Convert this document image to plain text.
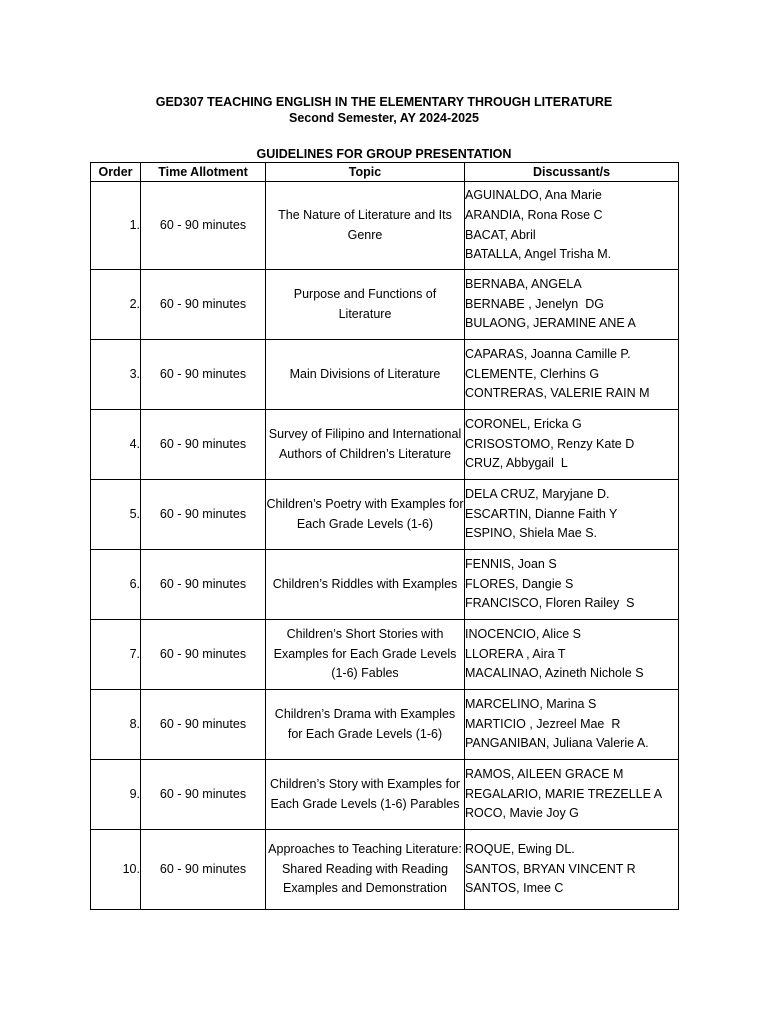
GED307 TEACHING ENGLISH IN THE ELEMENTARY THROUGH LITERATURE
Second Semester, AY 2024-2025
GUIDELINES FOR GROUP PRESENTATION
Order	Time Allotment	Topic	Discussant/s
1.	60 - 90 minutes	The Nature of Literature and Its Genre	AGUINALDO, Ana Marie
ARANDIA, Rona Rose C
BACAT, Abril
BATALLA, Angel Trisha M.

2.	60 - 90 minutes	Purpose and Functions of Literature	BERNABA, ANGELA
BERNABE , Jenelyn  DG
BULAONG, JERAMINE ANE A

3.	60 - 90 minutes	Main Divisions of Literature	CAPARAS, Joanna Camille P.
CLEMENTE, Clerhins G
CONTRERAS, VALERIE RAIN M

4.	60 - 90 minutes	Survey of Filipino and International Authors of Children’s Literature	CORONEL, Ericka G
CRISOSTOMO, Renzy Kate D
CRUZ, Abbygail  L

5.	60 - 90 minutes	Children’s Poetry with Examples for Each Grade Levels (1-6)	DELA CRUZ, Maryjane D.
ESCARTIN, Dianne Faith Y
ESPINO, Shiela Mae S.

6.	60 - 90 minutes	Children’s Riddles with Examples	FENNIS, Joan S
FLORES, Dangie S
FRANCISCO, Floren Railey  S

7.	60 - 90 minutes	Children’s Short Stories with Examples for Each Grade Levels (1-6) Fables	INOCENCIO, Alice S
LLORERA , Aira T
MACALINAO, Azineth Nichole S

8.	60 - 90 minutes	Children’s Drama with Examples for Each Grade Levels (1-6)	MARCELINO, Marina S
MARTICIO , Jezreel Mae  R
PANGANIBAN, Juliana Valerie A.

9.	60 - 90 minutes	Children’s Story with Examples for Each Grade Levels (1-6) Parables	RAMOS, AILEEN GRACE M
REGALARIO, MARIE TREZELLE A
ROCO, Mavie Joy G

10.	60 - 90 minutes	Approaches to Teaching Literature: Shared Reading with Reading Examples and Demonstration	ROQUE, Ewing DL.
SANTOS, BRYAN VINCENT R
SANTOS, Imee C
